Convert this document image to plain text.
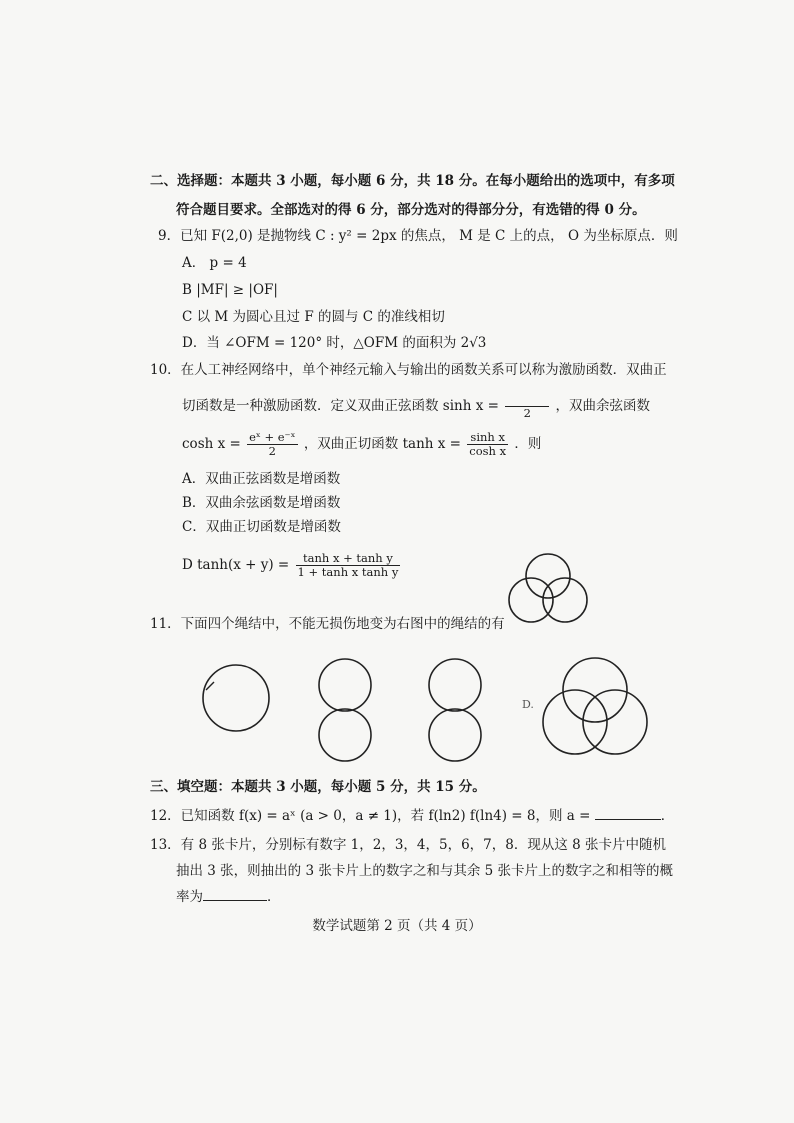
二、选择题：本题共 3 小题，每小题 6 分，共 18 分。在每小题给出的选项中，有多项
符合题目要求。全部选对的得 6 分，部分选对的得部分分，有选错的得 0 分。
9．已知 F(2,0) 是抛物线 C : y² = 2px 的焦点， M 是 C 上的点， O 为坐标原点．则
A． p = 4
B |MF| ≥ |OF|
C 以 M 为圆心且过 F 的圆与 C 的准线相切
D．当 ∠OFM = 120° 时，△OFM 的面积为 2√3
10．在人工神经网络中，单个神经元输入与输出的函数关系可以称为激励函数．双曲正
切函数是一种激励函数．定义双曲正弦函数 sinh x =
	2	，双曲余弦函数
$\cosh x = \frac{\text{eˣ + e⁻ˣ}}{2}$ ，双曲正切函数 $\tanh x = \frac{\text{sinh x}}{\text{cosh x}}$ ．则
A．双曲正弦函数是增函数
B．双曲余弦函数是增函数
C．双曲正切函数是增函数
D $\tanh(x + y) = \frac{\text{tanh x + tanh y}}{\text{1 + tanh x tanh y}}$
11．下面四个绳结中，不能无损伤地变为右图中的绳结的有
D.
三、填空题：本题共 3 小题，每小题 5 分，共 15 分。
12．已知函数 f(x) = aˣ (a > 0，a ≠ 1)，若 f(ln2) f(ln4) = 8，则 a =	．
13．有 8 张卡片，分别标有数字 1，2，3，4，5，6，7，8．现从这 8 张卡片中随机
抽出 3 张，则抽出的 3 张卡片上的数字之和与其余 5 张卡片上的数字之和相等的概
率为	．
数学试题第 2 页（共 4 页）
